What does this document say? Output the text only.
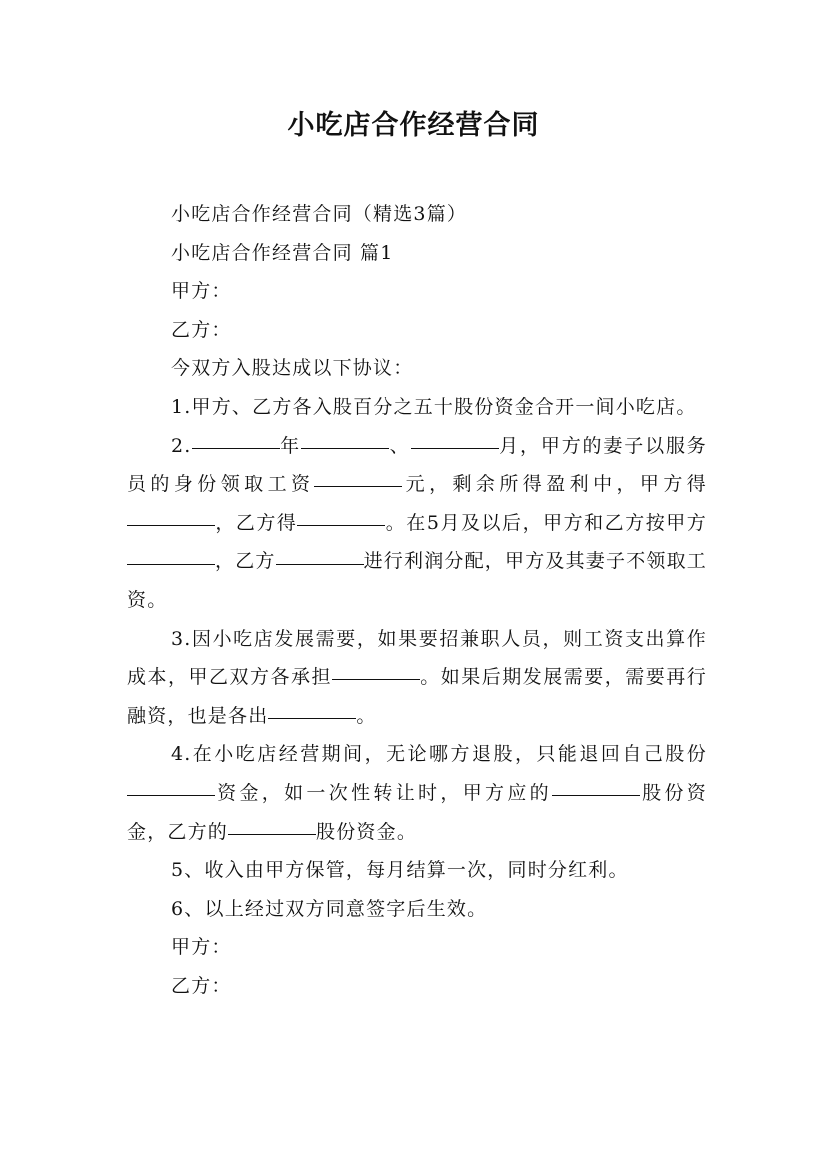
小吃店合作经营合同

小吃店合作经营合同（精选3篇）

小吃店合作经营合同 篇1

甲方：

乙方：

今双方入股达成以下协议：

1.甲方、乙方各入股百分之五十股份资金合开一间小吃店。

2.	年	、	月，甲方的妻子以服务员的身份领取工资	元，剩余所得盈利中，甲方得，乙方得	。在5月及以后，甲方和乙方按甲方，乙方	进行利润分配，甲方及其妻子不领取工资。

3.因小吃店发展需要，如果要招兼职人员，则工资支出算作成本，甲乙双方各承担	。如果后期发展需要，需要再行融资，也是各出	。

4.在小吃店经营期间，无论哪方退股，只能退回自己股份资金，如一次性转让时，甲方应的	股份资金，乙方的	股份资金。

5、收入由甲方保管，每月结算一次，同时分红利。

6、以上经过双方同意签字后生效。

甲方：

乙方：
